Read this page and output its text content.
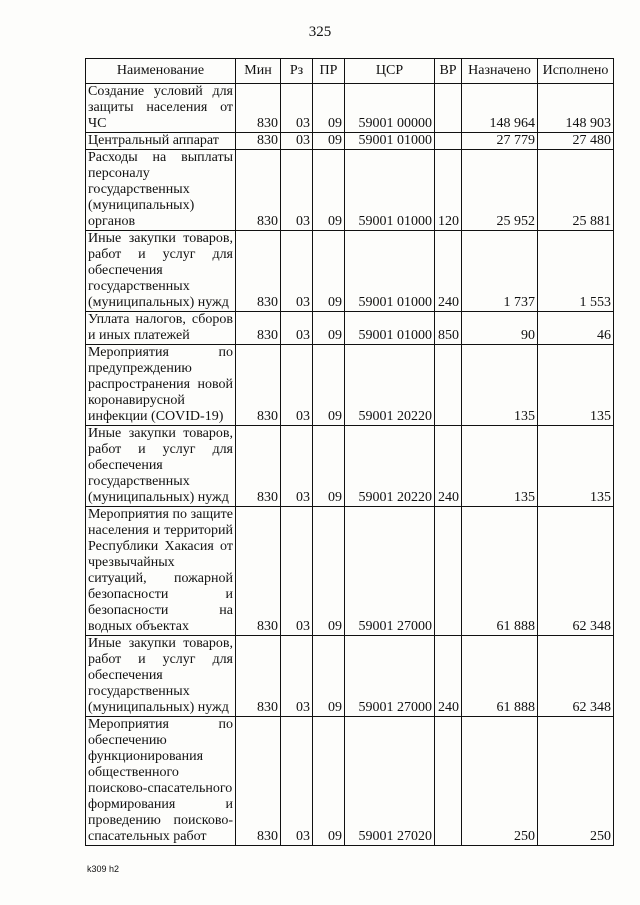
325
Наименование	Мин	Рз	ПР	ЦСР	ВР	Назначено	Исполнено
Создание условий для защиты населения от ЧС	830	03	09	59001 00000		148 964	148 903
Центральный аппарат	830	03	09	59001 01000		27 779	27 480
Расходы на выплаты персоналу государственных (муниципальных) органов	830	03	09	59001 01000	120	25 952	25 881
Иные закупки товаров, работ и услуг для обеспечения государственных (муниципальных) нужд	830	03	09	59001 01000	240	1 737	1 553
Уплата налогов, сборов и иных платежей	830	03	09	59001 01000	850	90	46
Мероприятия по предупреждению распространения новой коронавирусной инфекции (COVID-19)	830	03	09	59001 20220		135	135
Иные закупки товаров, работ и услуг для обеспечения государственных (муниципальных) нужд	830	03	09	59001 20220	240	135	135
Мероприятия по защите населения и территорий Республики Хакасия от чрезвычайных ситуаций, пожарной безопасности и безопасности на водных объектах	830	03	09	59001 27000		61 888	62 348
Иные закупки товаров, работ и услуг для обеспечения государственных (муниципальных) нужд	830	03	09	59001 27000	240	61 888	62 348
Мероприятия по обеспечению функционирования общественного поисково-спасательного формирования и проведению поисково-спасательных работ	830	03	09	59001 27020		250	250
k309 h2
